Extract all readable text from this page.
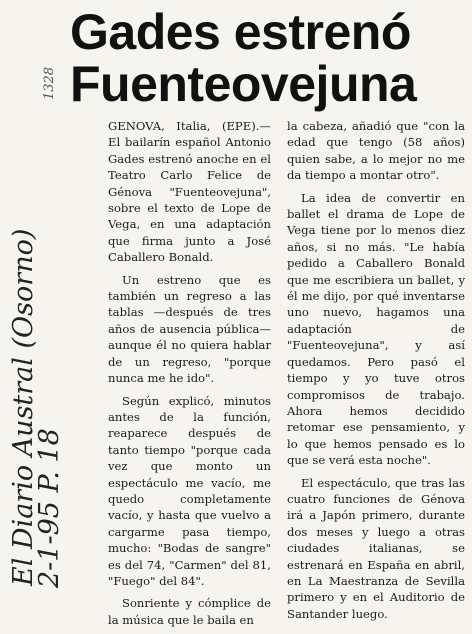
Gades estrenó
Fuenteovejuna

GENOVA, Italia, (EPE).— El bailarín español Antonio Gades estrenó anoche en el Teatro Carlo Felice de Génova "Fuenteovejuna", sobre el texto de Lope de Vega, en una adaptación que firma junto a José Caballero Bonald.

Un estreno que es también un regreso a las tablas —después de tres años de ausencia pública— aunque él no quiera hablar de un regreso, "porque nunca me he ido".

Según explicó, minutos antes de la función, reaparece después de tanto tiempo "porque cada vez que monto un espectáculo me vacío, me quedo completamente vacío, y hasta que vuelvo a cargarme pasa tiempo, mucho: "Bodas de sangre" es del 74, "Carmen" del 81, "Fuego" del 84".

Sonriente y cómplice de la música que le baila en

la cabeza, añadió que "con la edad que tengo (58 años) quien sabe, a lo mejor no me da tiempo a montar otro".

La idea de convertir en ballet el drama de Lope de Vega tiene por lo menos diez años, si no más. "Le había pedido a Caballero Bonald que me escribiera un ballet, y él me dijo, por qué inventarse uno nuevo, hagamos una adaptación de "Fuenteovejuna", y así quedamos. Pero pasó el tiempo y yo tuve otros compromisos de trabajo. Ahora hemos decidido retomar ese pensamiento, y lo que hemos pensado es lo que se verá esta noche".

El espectáculo, que tras las cuatro funciones de Génova irá a Japón primero, durante dos meses y luego a otras ciudades italianas, se estrenará en España en abril, en La Maestranza de Sevilla primero y en el Auditorio de Santander luego.

El Diario Austral (Osorno)
2-1-95 P. 18
1328
